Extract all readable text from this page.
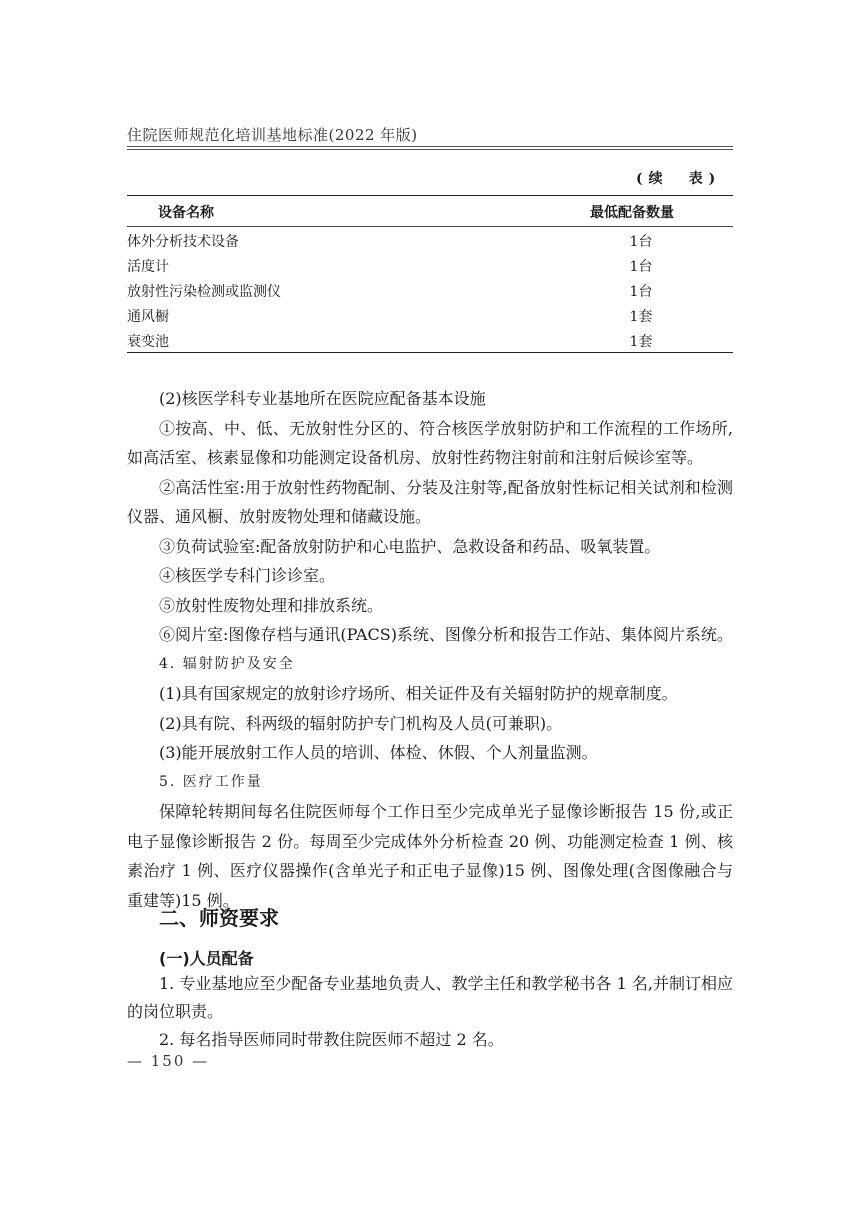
住院医师规范化培训基地标准(2022 年版)
(续　表)
设备名称	最低配备数量
体外分析技术设备	1台
活度计	1台
放射性污染检测或监测仪	1台
通风橱	1套
衰变池	1套

(2)核医学科专业基地所在医院应配备基本设施

①按高、中、低、无放射性分区的、符合核医学放射防护和工作流程的工作场所,如高活室、核素显像和功能测定设备机房、放射性药物注射前和注射后候诊室等。

②高活性室:用于放射性药物配制、分装及注射等,配备放射性标记相关试剂和检测仪器、通风橱、放射废物处理和储藏设施。

③负荷试验室:配备放射防护和心电监护、急救设备和药品、吸氧装置。

④核医学专科门诊诊室。

⑤放射性废物处理和排放系统。

⑥阅片室:图像存档与通讯(PACS)系统、图像分析和报告工作站、集体阅片系统。

4. 辐射防护及安全

(1)具有国家规定的放射诊疗场所、相关证件及有关辐射防护的规章制度。

(2)具有院、科两级的辐射防护专门机构及人员(可兼职)。

(3)能开展放射工作人员的培训、体检、休假、个人剂量监测。

5. 医疗工作量

保障轮转期间每名住院医师每个工作日至少完成单光子显像诊断报告 15 份,或正电子显像诊断报告 2 份。每周至少完成体外分析检查 20 例、功能测定检查 1 例、核素治疗 1 例、医疗仪器操作(含单光子和正电子显像)15 例、图像处理(含图像融合与重建等)15 例。

二、师资要求
(一)人员配备

1. 专业基地应至少配备专业基地负责人、教学主任和教学秘书各 1 名,并制订相应的岗位职责。

2. 每名指导医师同时带教住院医师不超过 2 名。

— 150 —
